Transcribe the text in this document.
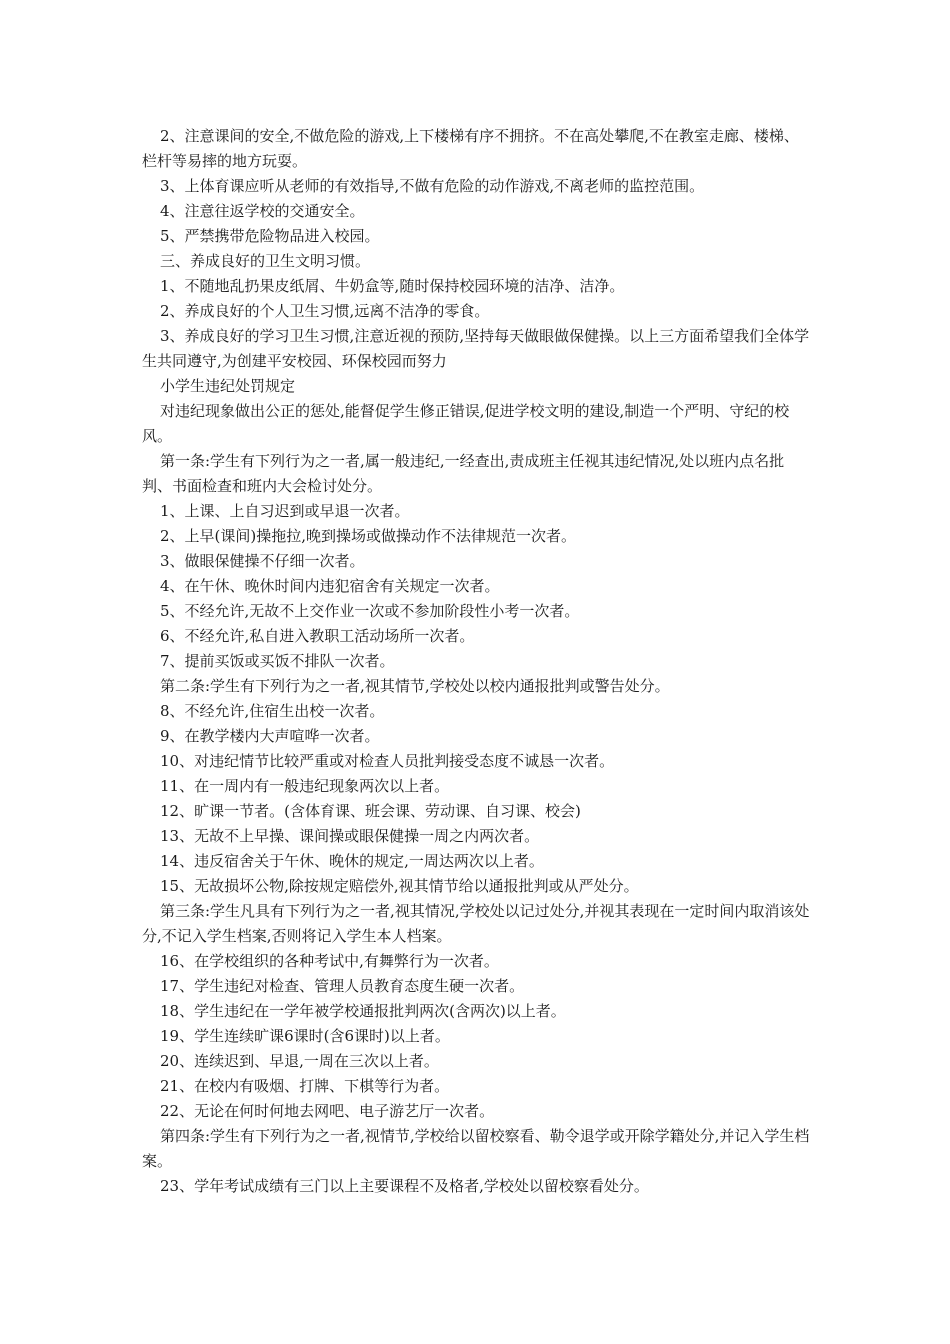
2、注意课间的安全,不做危险的游戏,上下楼梯有序不拥挤。不在高处攀爬,不在教室走廊、楼梯、栏杆等易摔的地方玩耍。

3、上体育课应听从老师的有效指导,不做有危险的动作游戏,不离老师的监控范围。

4、注意往返学校的交通安全。

5、严禁携带危险物品进入校园。

三、养成良好的卫生文明习惯。

1、不随地乱扔果皮纸屑、牛奶盒等,随时保持校园环境的洁净、洁净。

2、养成良好的个人卫生习惯,远离不洁净的零食。

3、养成良好的学习卫生习惯,注意近视的预防,坚持每天做眼做保健操。以上三方面希望我们全体学生共同遵守,为创建平安校园、环保校园而努力

小学生违纪处罚规定

对违纪现象做出公正的惩处,能督促学生修正错误,促进学校文明的建设,制造一个严明、守纪的校风。

第一条:学生有下列行为之一者,属一般违纪,一经查出,责成班主任视其违纪情况,处以班内点名批判、书面检查和班内大会检讨处分。

1、上课、上自习迟到或早退一次者。

2、上早(课间)操拖拉,晚到操场或做操动作不法律规范一次者。

3、做眼保健操不仔细一次者。

4、在午休、晚休时间内违犯宿舍有关规定一次者。

5、不经允许,无故不上交作业一次或不参加阶段性小考一次者。

6、不经允许,私自进入教职工活动场所一次者。

7、提前买饭或买饭不排队一次者。

第二条:学生有下列行为之一者,视其情节,学校处以校内通报批判或警告处分。

8、不经允许,住宿生出校一次者。

9、在教学楼内大声喧哗一次者。

10、对违纪情节比较严重或对检查人员批判接受态度不诚恳一次者。

11、在一周内有一般违纪现象两次以上者。

12、旷课一节者。(含体育课、班会课、劳动课、自习课、校会)

13、无故不上早操、课间操或眼保健操一周之内两次者。

14、违反宿舍关于午休、晚休的规定,一周达两次以上者。

15、无故损坏公物,除按规定赔偿外,视其情节给以通报批判或从严处分。

第三条:学生凡具有下列行为之一者,视其情况,学校处以记过处分,并视其表现在一定时间内取消该处分,不记入学生档案,否则将记入学生本人档案。

16、在学校组织的各种考试中,有舞弊行为一次者。

17、学生违纪对检查、管理人员教育态度生硬一次者。

18、学生违纪在一学年被学校通报批判两次(含两次)以上者。

19、学生连续旷课6课时(含6课时)以上者。

20、连续迟到、早退,一周在三次以上者。

21、在校内有吸烟、打牌、下棋等行为者。

22、无论在何时何地去网吧、电子游艺厅一次者。

第四条:学生有下列行为之一者,视情节,学校给以留校察看、勒令退学或开除学籍处分,并记入学生档案。

23、学年考试成绩有三门以上主要课程不及格者,学校处以留校察看处分。
